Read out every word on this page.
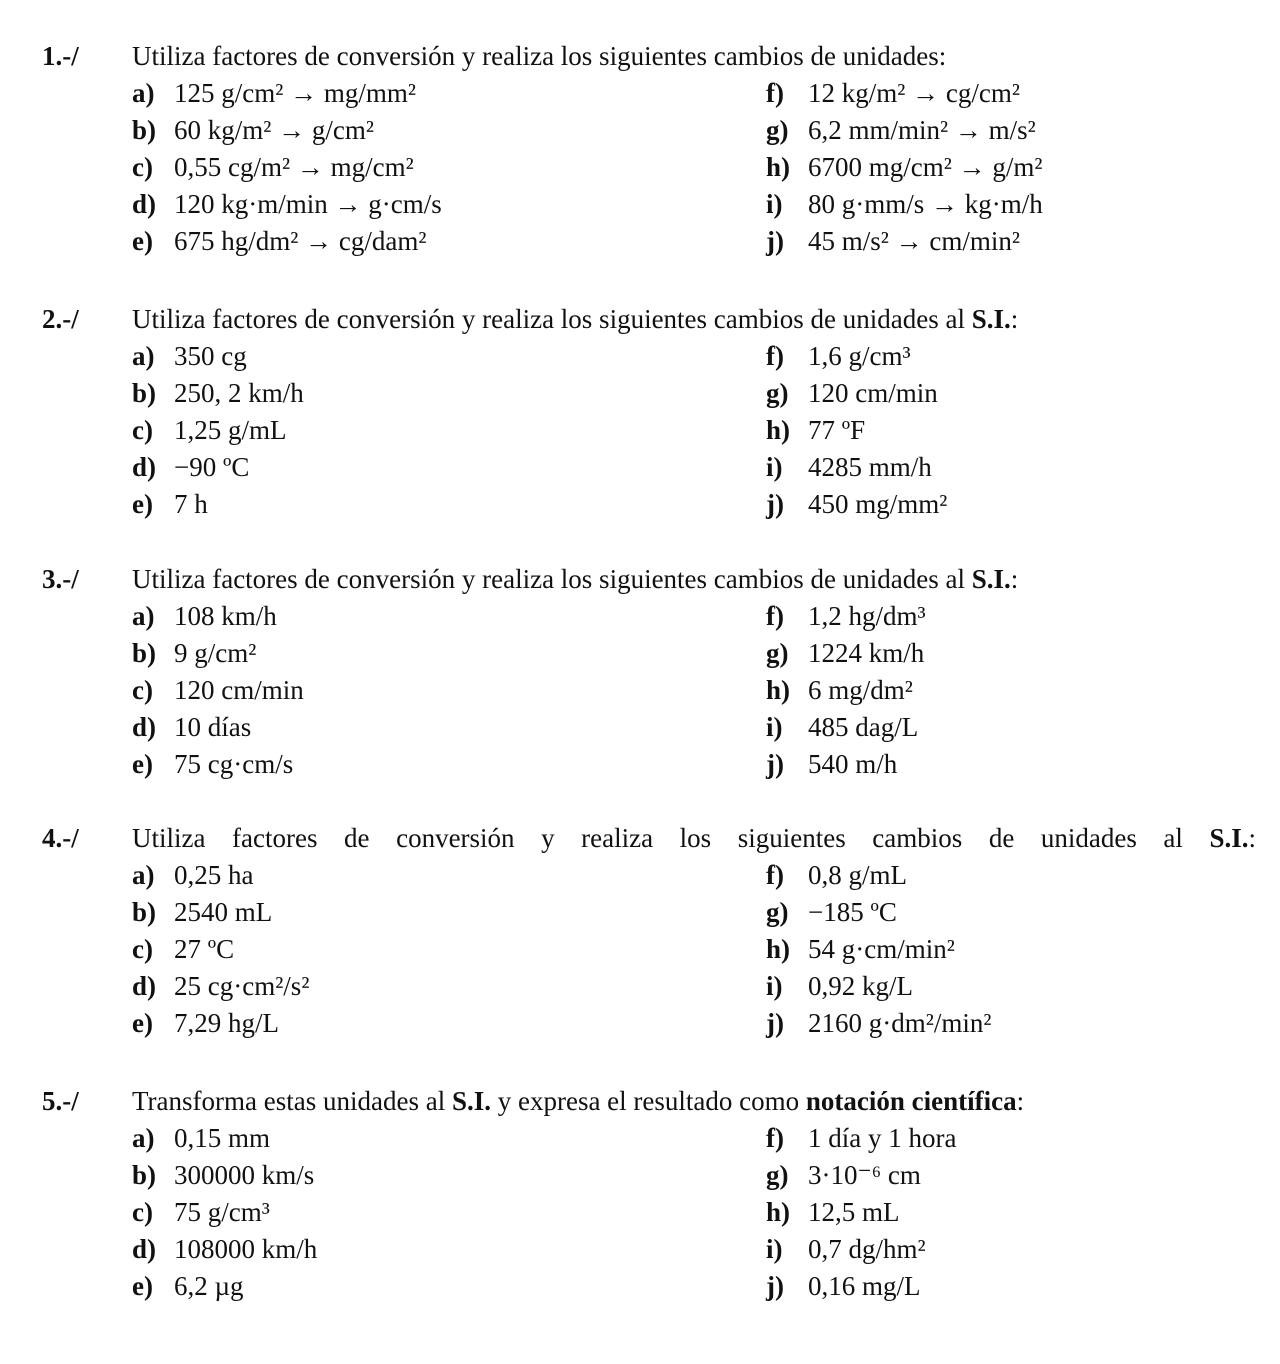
1.-/ Utiliza factores de conversión y realiza los siguientes cambios de unidades:
a) 125 g/cm² → mg/mm²
b) 60 kg/m² → g/cm²
c) 0,55 cg/m² → mg/cm²
d) 120 kg·m/min → g·cm/s
e) 675 hg/dm² → cg/dam²
f) 12 kg/m² → cg/cm²
g) 6,2 mm/min² → m/s²
h) 6700 mg/cm² → g/m²
i) 80 g·mm/s → kg·m/h
j) 45 m/s² → cm/min²
2.-/ Utiliza factores de conversión y realiza los siguientes cambios de unidades al S.I.:
a) 350 cg
b) 250, 2 km/h
c) 1,25 g/mL
d) −90 ºC
e) 7 h
f) 1,6 g/cm³
g) 120 cm/min
h) 77 ºF
i) 4285 mm/h
j) 450 mg/mm²
3.-/ Utiliza factores de conversión y realiza los siguientes cambios de unidades al S.I.:
a) 108 km/h
b) 9 g/cm²
c) 120 cm/min
d) 10 días
e) 75 cg·cm/s
f) 1,2 hg/dm³
g) 1224 km/h
h) 6 mg/dm²
i) 485 dag/L
j) 540 m/h
4.-/ Utiliza factores de conversión y realiza los siguientes cambios de unidades al S.I.:
a) 0,25 ha
b) 2540 mL
c) 27 ºC
d) 25 cg·cm²/s²
e) 7,29 hg/L
f) 0,8 g/mL
g) −185 ºC
h) 54 g·cm/min²
i) 0,92 kg/L
j) 2160 g·dm²/min²
5.-/ Transforma estas unidades al S.I. y expresa el resultado como notación científica:
a) 0,15 mm
b) 300000 km/s
c) 75 g/cm³
d) 108000 km/h
e) 6,2 µg
f) 1 día y 1 hora
g) 3·10⁻⁶ cm
h) 12,5 mL
i) 0,7 dg/hm²
j) 0,16 mg/L
